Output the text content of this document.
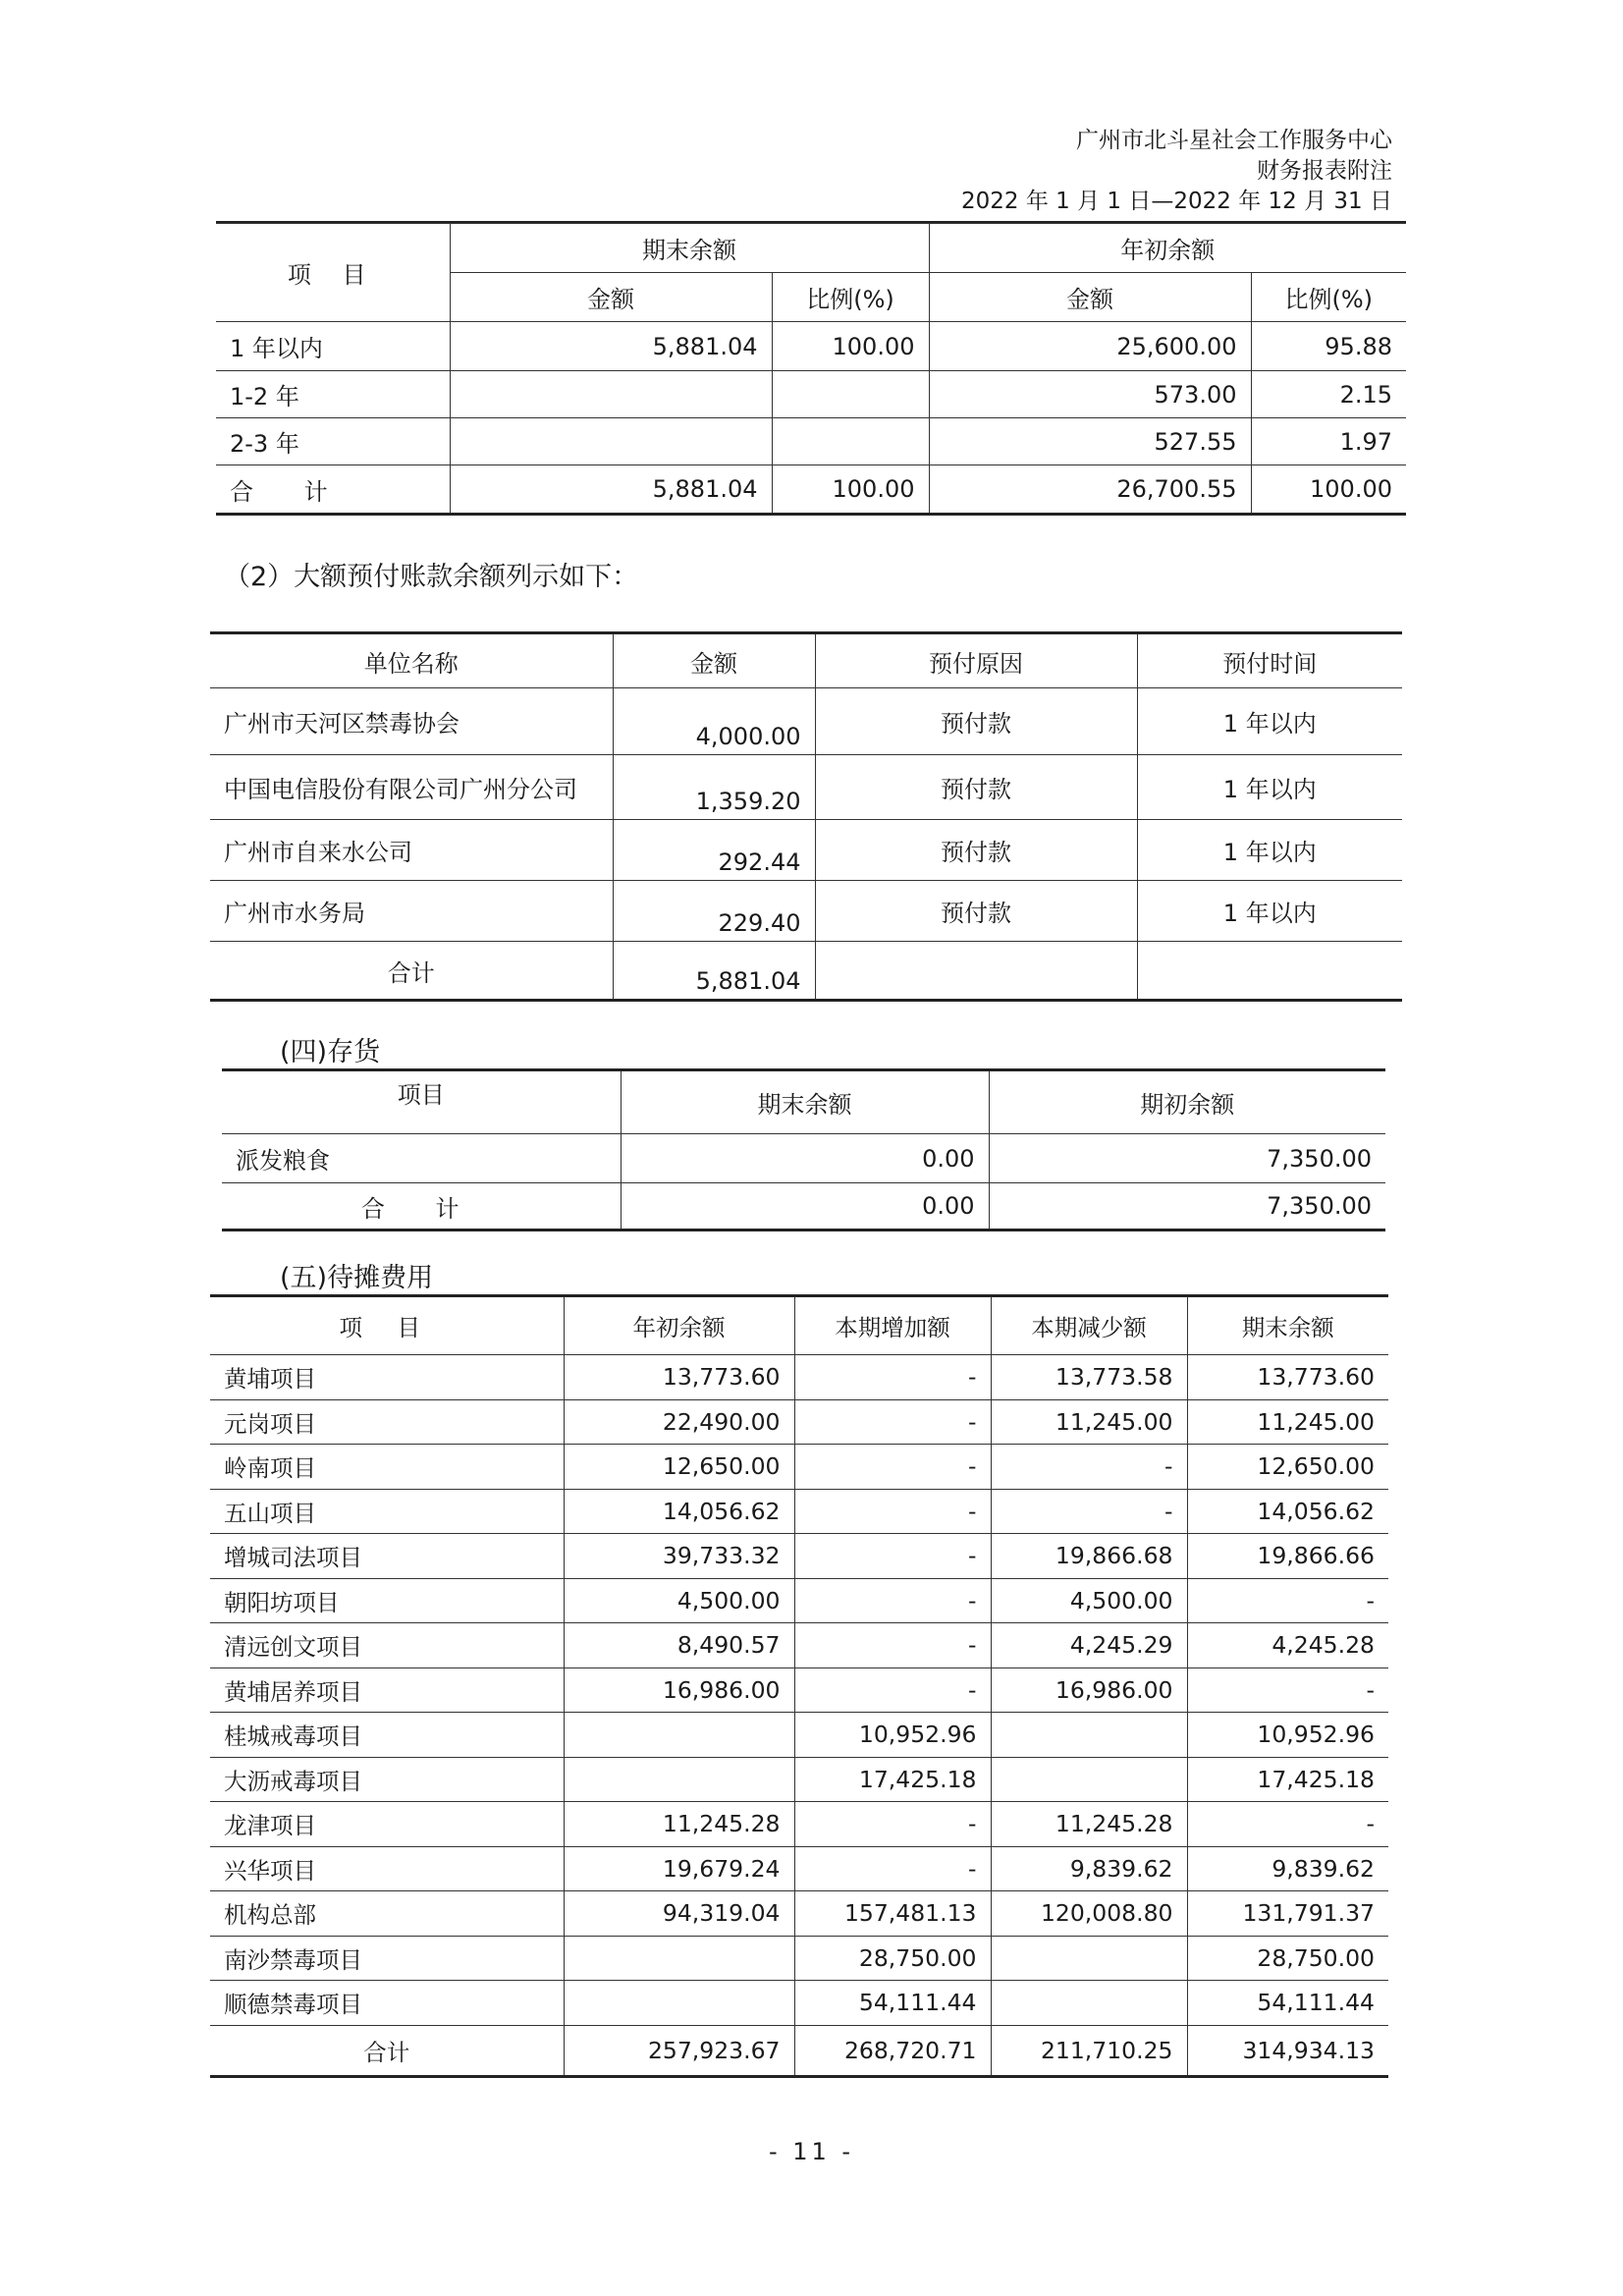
广州市北斗星社会工作服务中心
财务报表附注
2022 年 1 月 1 日—2022 年 12 月 31 日
项 目	期末余额		年初余额	
	金额	比例(%)	金额	比例(%)
1 年以内	5,881.04	100.00	25,600.00	95.88
1-2 年			573.00	2.15
2-3 年			527.55	1.97
合 计	5,881.04	100.00	26,700.55	100.00
（2）大额预付账款余额列示如下：
单位名称	金额	预付原因	预付时间
广州市天河区禁毒协会	4,000.00	预付款	1 年以内
中国电信股份有限公司广州分公司	1,359.20	预付款	1 年以内
广州市自来水公司	292.44	预付款	1 年以内
广州市水务局	229.40	预付款	1 年以内
合计	5,881.04		
(四)存货
项目	期末余额	期初余额
派发粮食	0.00	7,350.00
合 计	0.00	7,350.00
(五)待摊费用
项 目	年初余额	本期增加额	本期减少额	期末余额
黄埔项目	13,773.60	-	13,773.58	13,773.60
元岗项目	22,490.00	-	11,245.00	11,245.00
岭南项目	12,650.00	-	-	12,650.00
五山项目	14,056.62	-	-	14,056.62
增城司法项目	39,733.32	-	19,866.68	19,866.66
朝阳坊项目	4,500.00	-	4,500.00	-
清远创文项目	8,490.57	-	4,245.29	4,245.28
黄埔居养项目	16,986.00	-	16,986.00	-
桂城戒毒项目		10,952.96		10,952.96
大沥戒毒项目		17,425.18		17,425.18
龙津项目	11,245.28	-	11,245.28	-
兴华项目	19,679.24	-	9,839.62	9,839.62
机构总部	94,319.04	157,481.13	120,008.80	131,791.37
南沙禁毒项目		28,750.00		28,750.00
顺德禁毒项目		54,111.44		54,111.44
合计	257,923.67	268,720.71	211,710.25	314,934.13
- 11 -
